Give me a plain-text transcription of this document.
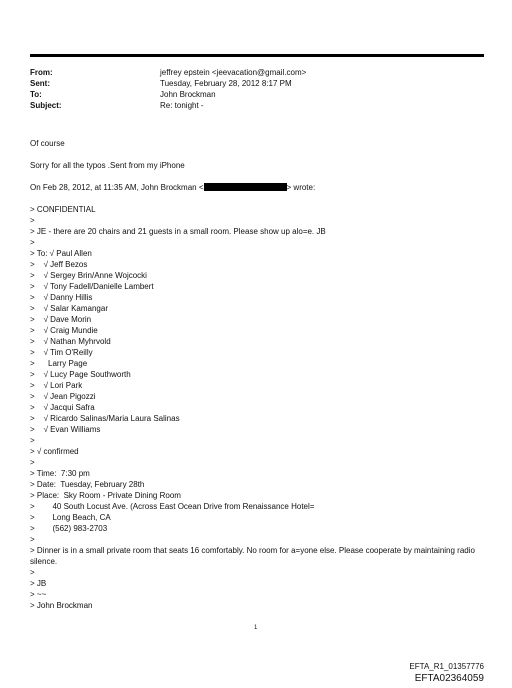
From:	jeffrey epstein <jeevacation@gmail.com>
Sent:	Tuesday, February 28, 2012 8:17 PM
To:	John Brockman
Subject:	Re: tonight -
Of course
Sorry for all the typos .Sent from my iPhone
On Feb 28, 2012, at 11:35 AM, John Brockman <	> wrote:
> CONFIDENTIAL
>
> JE - there are 20 chairs and 21 guests in a small room. Please show up alo=e. JB
>
> To: √ Paul Allen
>    √ Jeff Bezos
>    √ Sergey Brin/Anne Wojcocki
>    √ Tony Fadell/Danielle Lambert
>    √ Danny Hillis
>    √ Salar Kamangar
>    √ Dave Morin
>    √ Craig Mundie
>    √ Nathan Myhrvold
>    √ Tim O'Reilly
>      Larry Page
>    √ Lucy Page Southworth
>    √ Lori Park
>    √ Jean Pigozzi
>    √ Jacqui Safra
>    √ Ricardo Salinas/Maria Laura Salinas
>    √ Evan Williams
>
> √ confirmed
>
> Time:  7:30 pm
> Date:  Tuesday, February 28th
> Place:  Sky Room - Private Dining Room
>        40 South Locust Ave. (Across East Ocean Drive from Renaissance Hotel=
>        Long Beach, CA
>        (562) 983-2703
>
> Dinner is in a small private room that seats 16 comfortably. No room for a=yone else. Please cooperate by maintaining radio silence.
>
> JB
> ~~
> John Brockman
1
EFTA_R1_01357776
EFTA02364059
